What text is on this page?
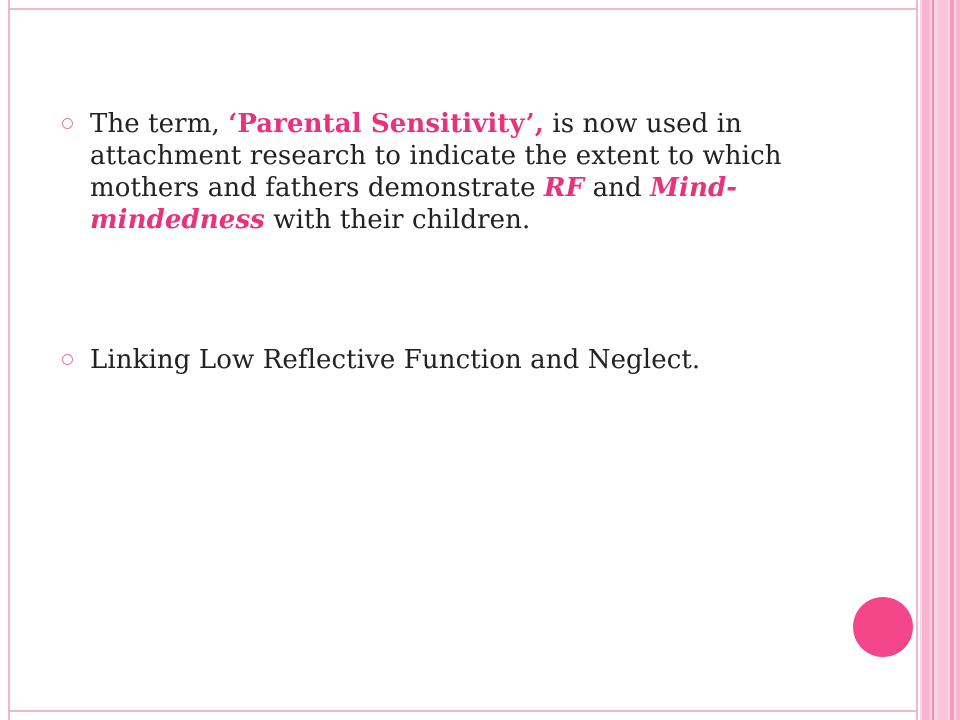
The term, ‘Parental Sensitivity’, is now used in attachment research to indicate the extent to which mothers and fathers demonstrate RF and Mind-mindedness with their children.
Linking Low Reflective Function and Neglect.
